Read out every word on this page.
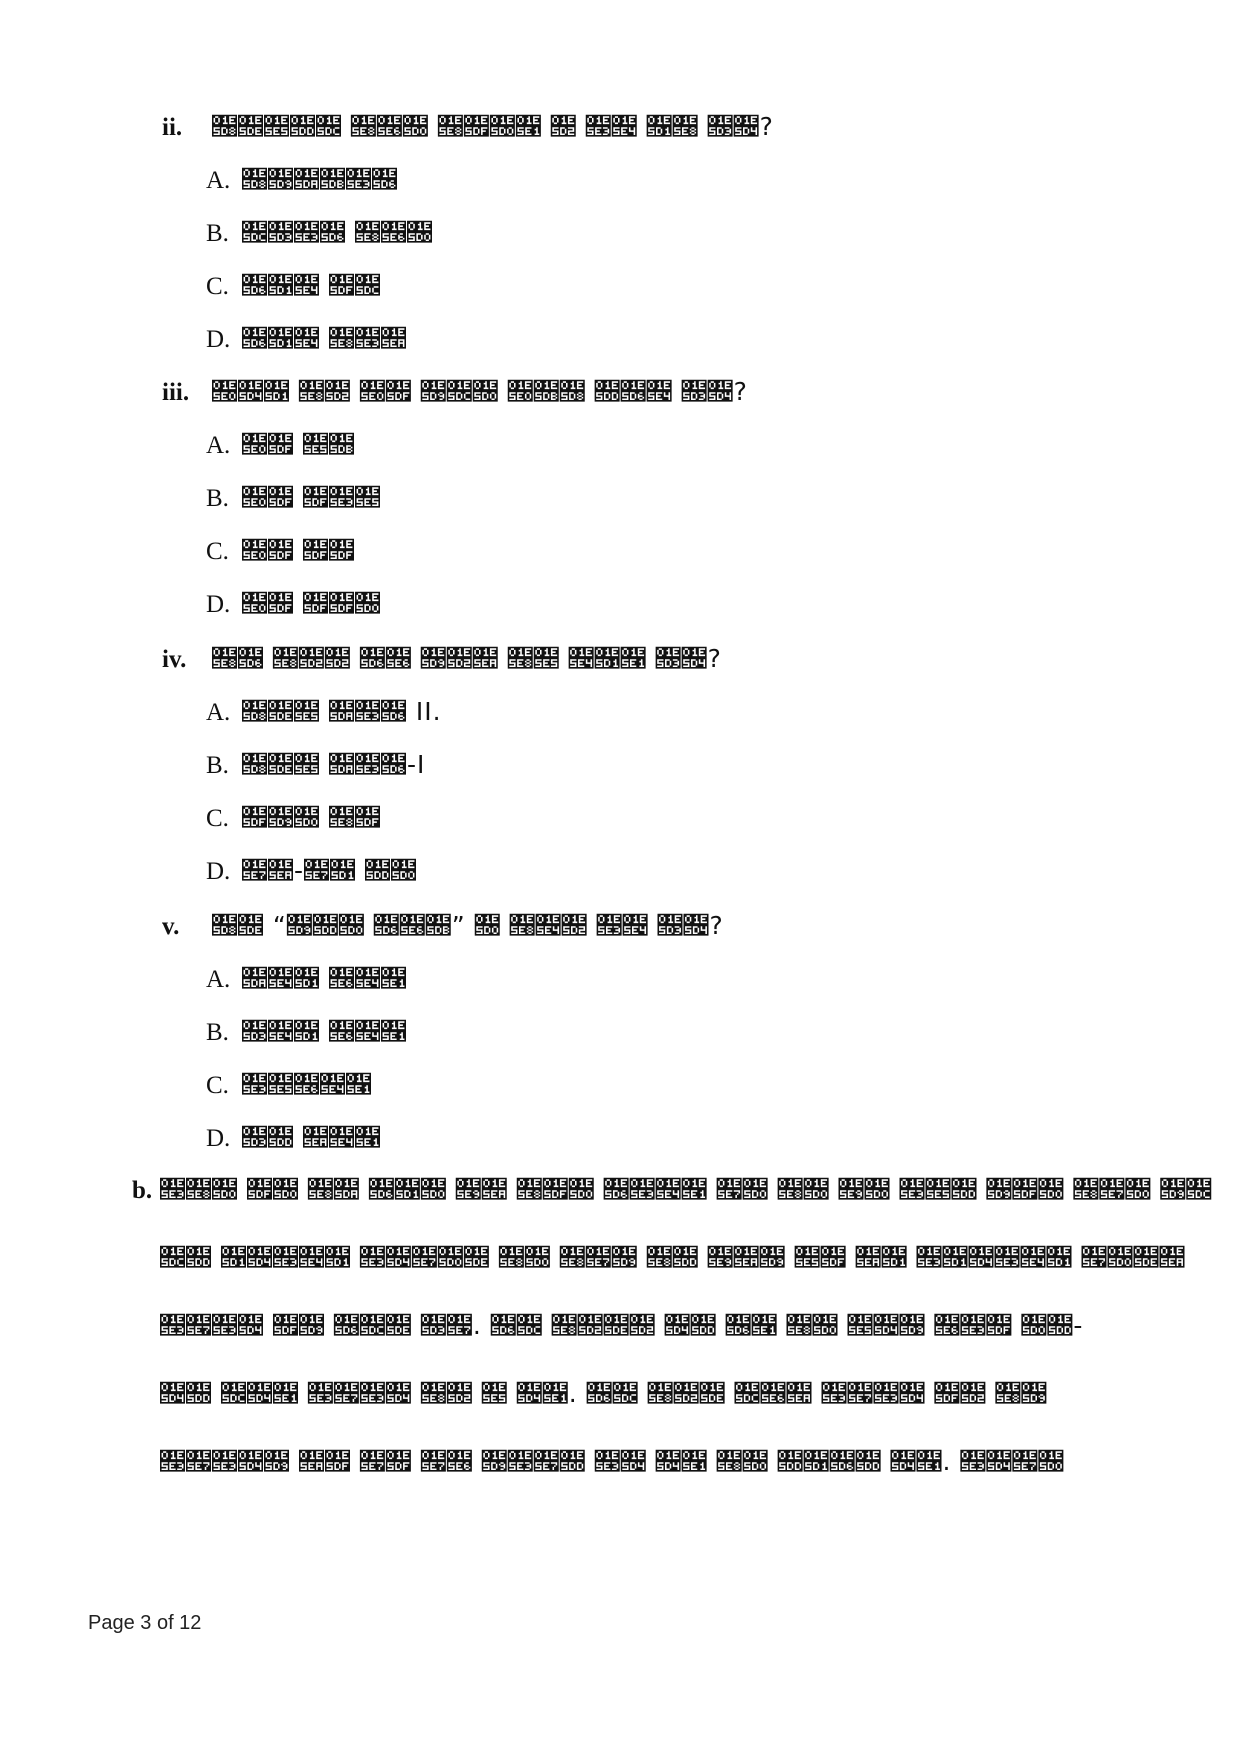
ii. 𞗘𞗞𞗥𞗝𞗜 𞗨𞗦𞗐 𞗨𞗟𞗐𞗡 𞗒 𞗣𞗤 𞗑𞗨 𞗓𞗔?
A. 𞗘𞗙𞗚𞗛𞗣𞗖
B. 𞗜𞗓𞗣𞗖 𞗨𞗦𞗐
C. 𞗖𞗑𞗤 𞗟𞗜
D. 𞗖𞗑𞗤 𞗨𞗣𞗪
iii. 𞗠𞗔𞗑 𞗨𞗒 𞗠𞗟 𞗙𞗜𞗐 𞗠𞗛𞗘 𞗝𞗖𞗤 𞗓𞗔?
A. 𞗠𞗟 𞗥𞗛
B. 𞗠𞗟 𞗟𞗣𞗥
C. 𞗠𞗟 𞗟𞗟
D. 𞗠𞗟 𞗟𞗟𞗐
iv. 𞗨𞗖 𞗨𞗒𞗒 𞗖𞗦 𞗙𞗒𞗪 𞗨𞗥 𞗤𞗑𞗡 𞗓𞗔?
A. 𞗘𞗞𞗥 𞗚𞗣𞗖 II.
B. 𞗘𞗞𞗥 𞗚𞗣𞗖-I
C. 𞗟𞗙𞗐 𞗨𞗟
D. 𞗧𞗪-𞗧𞗑 𞗝𞗐
v. 𞗘𞗞 “𞗙𞗝𞗐 𞗖𞗦𞗛” 𞗐 𞗨𞗤𞗒 𞗣𞗤 𞗓𞗔?
A. 𞗚𞗤𞗑 𞗦𞗤𞗡
B. 𞗓𞗤𞗑 𞗦𞗤𞗡
C. 𞗣𞗥𞗦𞗤𞗡
D. 𞗓𞗝 𞗪𞗤𞗡
b. 𞗣𞗨𞗐 𞗟𞗐 𞗨𞗚 𞗖𞗑𞗐 𞗩𞗪 𞗨𞗟𞗐 𞗖𞗣𞗤𞗡 𞗧𞗐 𞗨𞗐 𞗩𞗐 𞗣𞗥𞗝 𞗙𞗟𞗐 𞗨𞗧𞗐 𞗙𞗜
𞗜𞗝 𞗑𞗔𞗣𞗤𞗑 𞗣𞗔𞗧𞗐𞗞 𞗨𞗐 𞗨𞗧𞗙 𞗨𞗝 𞗩𞗪𞗙 𞗥𞗟 𞗪𞗑 𞗣𞗑𞗔𞗣𞗤𞗑 𞗧𞗐𞗞𞗪
𞗣𞗧𞗣𞗔 𞗟𞗙 𞗖𞗜𞗞 𞗓𞗧. 𞗖𞗜 𞗨𞗒𞗞𞗒 𞗔𞗝 𞗖𞗡 𞗨𞗐 𞗥𞗔𞗙 𞗦𞗣𞗟 𞗐𞗝-
𞗔𞗝 𞗜𞗔𞗡 𞗣𞗧𞗣𞗔 𞗨𞗒 𞗥 𞗔𞗡. 𞗖𞗜 𞗨𞗒𞗞 𞗜𞗦𞗪 𞗣𞗧𞗣𞗔 𞗟𞗒 𞗨𞗙
𞗣𞗧𞗣𞗔𞗙 𞗪𞗟 𞗧𞗟 𞗧𞗦 𞗙𞗣𞗧𞗝 𞗣𞗔 𞗔𞗡 𞗨𞗐 𞗝𞗑𞗖𞗝 𞗔𞗡. 𞗣𞗔𞗧𞗐
Page 3 of 12
